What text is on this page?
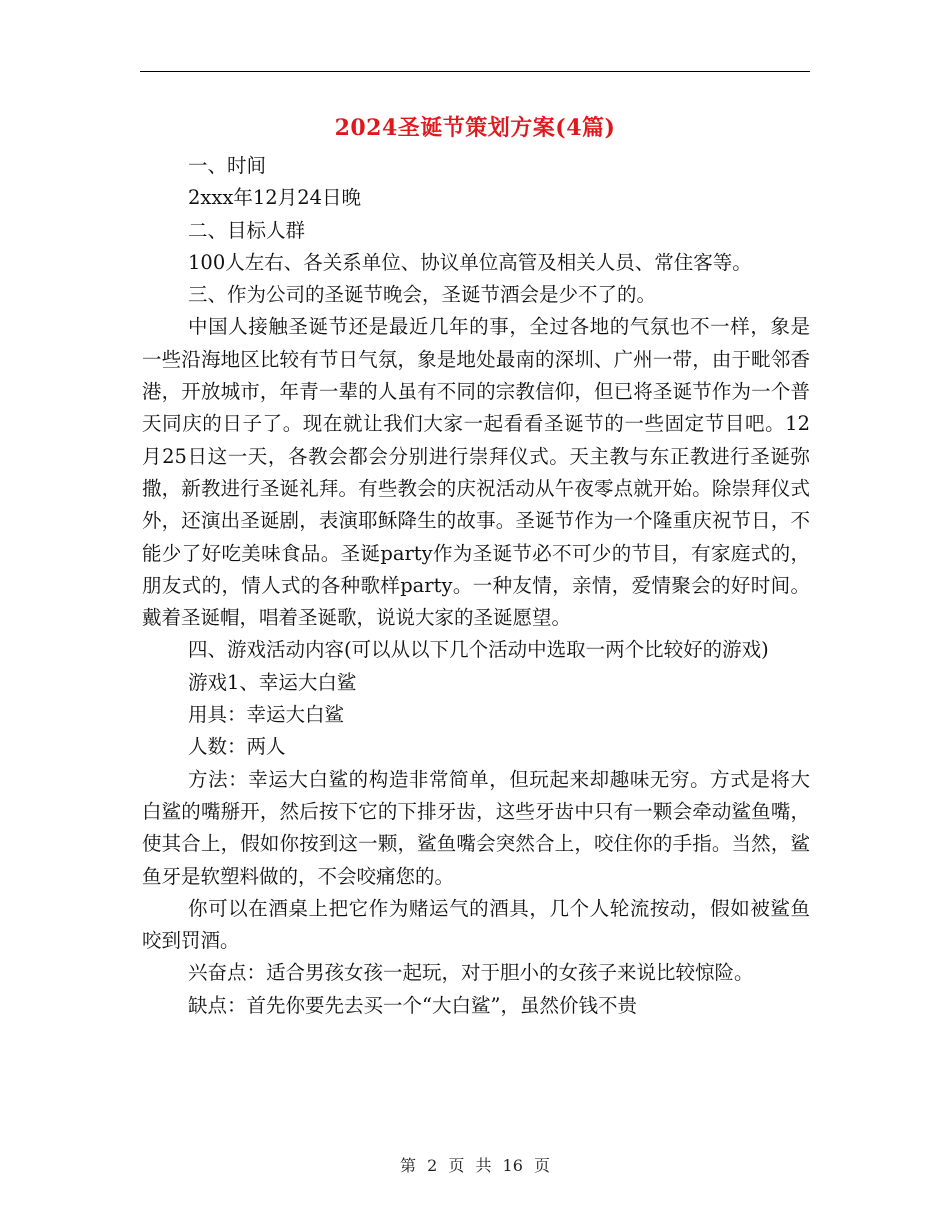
2024圣诞节策划方案(4篇)

一、时间

2xxx年12月24日晚

二、目标人群

100人左右、各关系单位、协议单位高管及相关人员、常住客等。

三、作为公司的圣诞节晚会，圣诞节酒会是少不了的。

中国人接触圣诞节还是最近几年的事，全过各地的气氛也不一样，象是一些沿海地区比较有节日气氛，象是地处最南的深圳、广州一带，由于毗邻香港，开放城市，年青一辈的人虽有不同的宗教信仰，但已将圣诞节作为一个普天同庆的日子了。现在就让我们大家一起看看圣诞节的一些固定节目吧。12月25日这一天，各教会都会分别进行崇拜仪式。天主教与东正教进行圣诞弥撒，新教进行圣诞礼拜。有些教会的庆祝活动从午夜零点就开始。除崇拜仪式外，还演出圣诞剧，表演耶稣降生的故事。圣诞节作为一个隆重庆祝节日，不能少了好吃美味食品。圣诞party作为圣诞节必不可少的节目，有家庭式的，朋友式的，情人式的各种歌样party。一种友情，亲情，爱情聚会的好时间。戴着圣诞帽，唱着圣诞歌，说说大家的圣诞愿望。

四、游戏活动内容(可以从以下几个活动中选取一两个比较好的游戏)

游戏1、幸运大白鲨

用具：幸运大白鲨

人数：两人

方法：幸运大白鲨的构造非常简单，但玩起来却趣味无穷。方式是将大白鲨的嘴掰开，然后按下它的下排牙齿，这些牙齿中只有一颗会牵动鲨鱼嘴，使其合上，假如你按到这一颗，鲨鱼嘴会突然合上，咬住你的手指。当然，鲨鱼牙是软塑料做的，不会咬痛您的。

你可以在酒桌上把它作为赌运气的酒具，几个人轮流按动，假如被鲨鱼咬到罚酒。

兴奋点：适合男孩女孩一起玩，对于胆小的女孩子来说比较惊险。

缺点：首先你要先去买一个“大白鲨”，虽然价钱不贵

第 2 页 共 16 页
